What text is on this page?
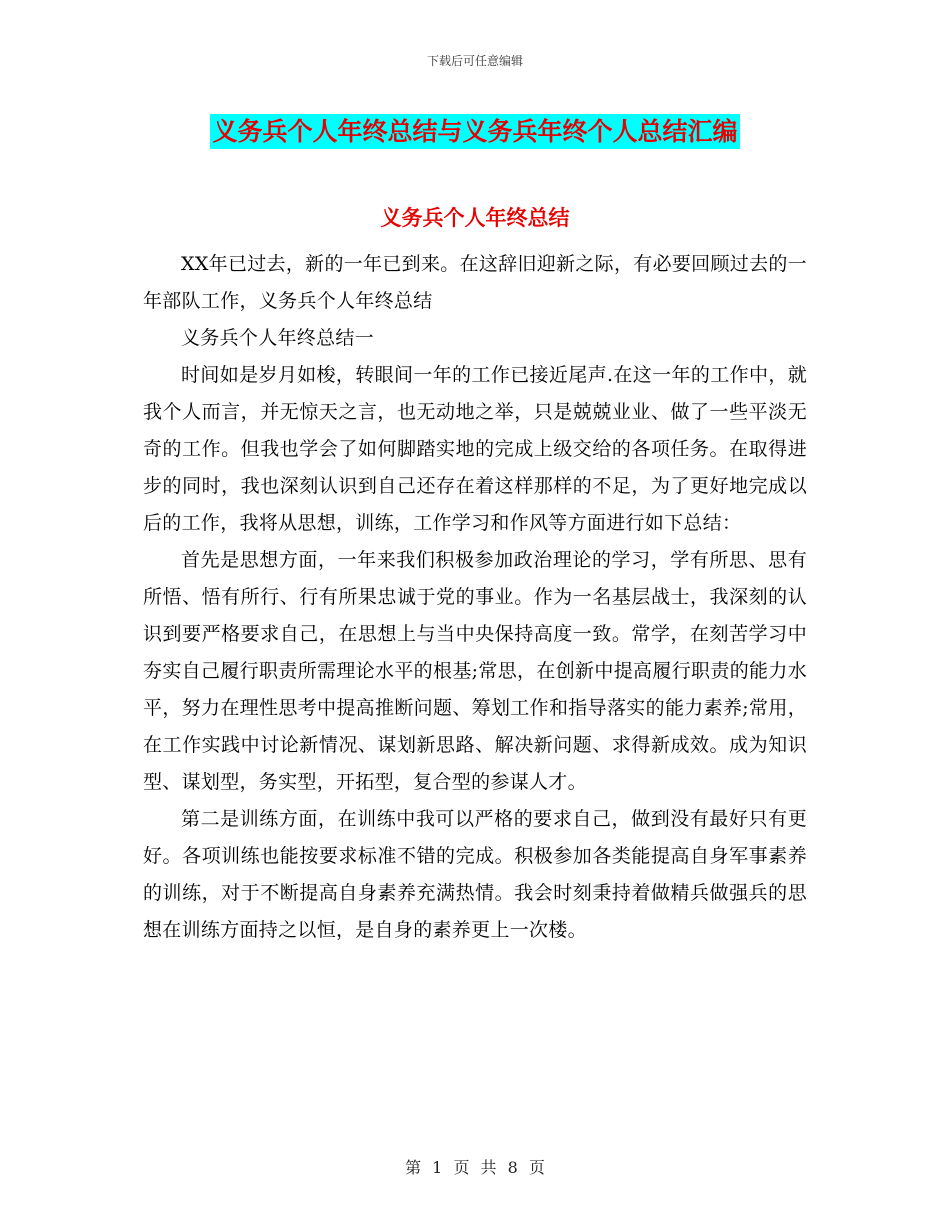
下载后可任意编辑
义务兵个人年终总结与义务兵年终个人总结汇编
义务兵个人年终总结

XX年已过去，新的一年已到来。在这辞旧迎新之际，有必要回顾过去的一年部队工作，义务兵个人年终总结

义务兵个人年终总结一

时间如是岁月如梭，转眼间一年的工作已接近尾声.在这一年的工作中，就我个人而言，并无惊天之言，也无动地之举，只是兢兢业业、做了一些平淡无奇的工作。但我也学会了如何脚踏实地的完成上级交给的各项任务。在取得进步的同时，我也深刻认识到自己还存在着这样那样的不足，为了更好地完成以后的工作，我将从思想，训练，工作学习和作风等方面进行如下总结：

首先是思想方面，一年来我们积极参加政治理论的学习，学有所思、思有所悟、悟有所行、行有所果忠诚于党的事业。作为一名基层战士，我深刻的认识到要严格要求自己，在思想上与当中央保持高度一致。常学，在刻苦学习中夯实自己履行职责所需理论水平的根基;常思，在创新中提高履行职责的能力水平，努力在理性思考中提高推断问题、筹划工作和指导落实的能力素养;常用，在工作实践中讨论新情况、谋划新思路、解决新问题、求得新成效。成为知识型、谋划型，务实型，开拓型，复合型的参谋人才。

第二是训练方面，在训练中我可以严格的要求自己，做到没有最好只有更好。各项训练也能按要求标准不错的完成。积极参加各类能提高自身军事素养的训练，对于不断提高自身素养充满热情。我会时刻秉持着做精兵做强兵的思想在训练方面持之以恒，是自身的素养更上一次楼。

第 1 页 共 8 页
